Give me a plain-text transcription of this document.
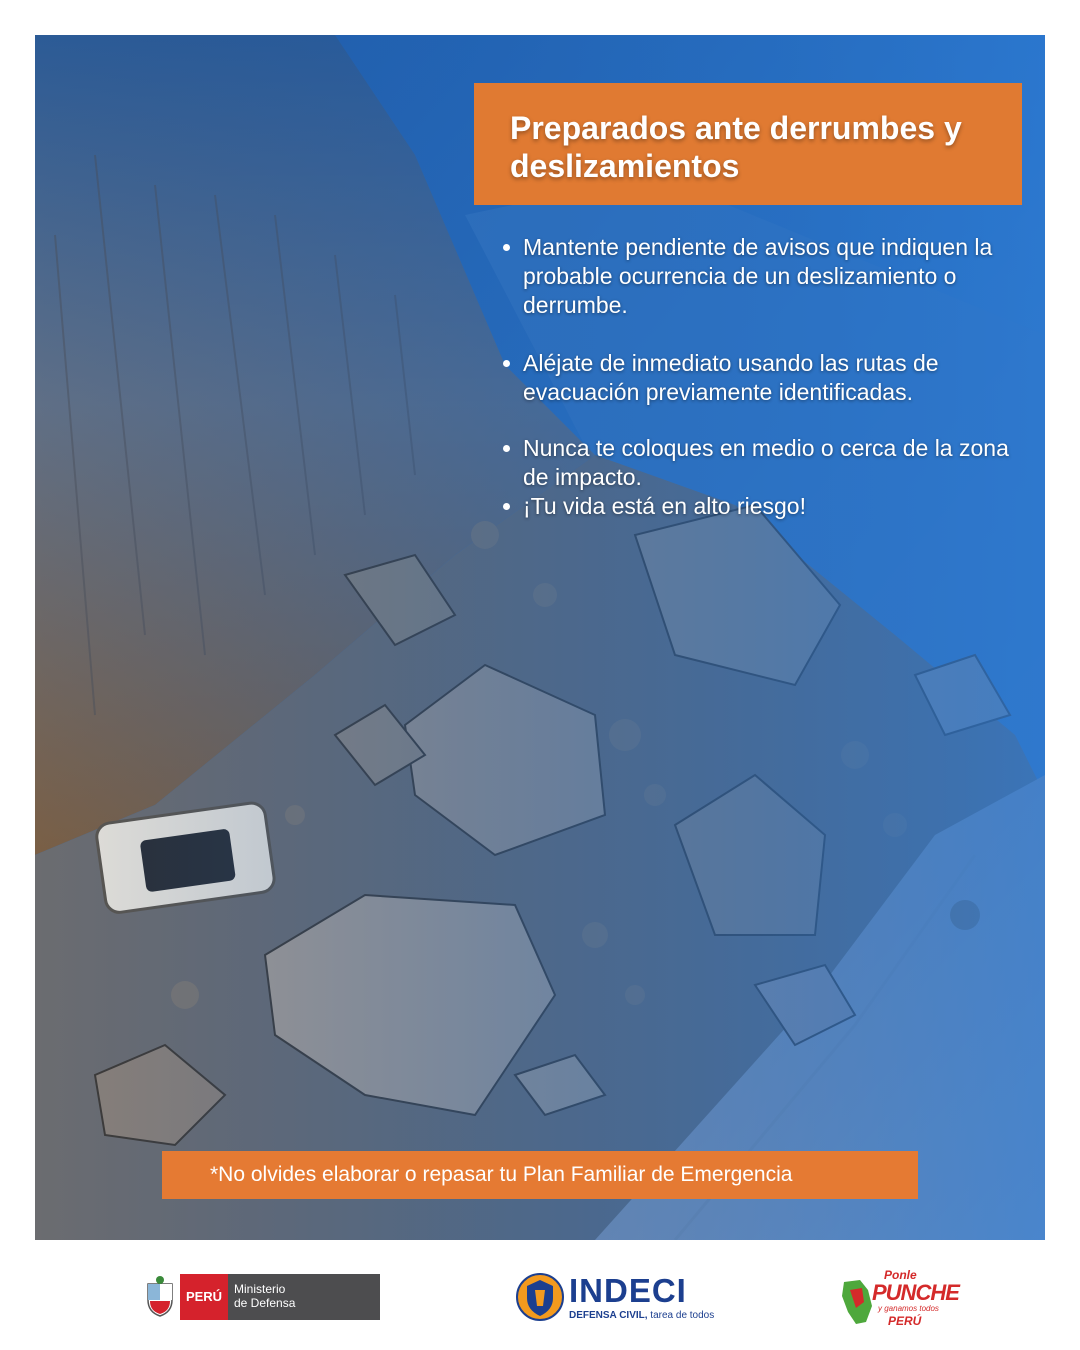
Preparados ante derrumbes y deslizamientos
Mantente pendiente de avisos que indiquen la probable ocurrencia de un deslizamiento o derrumbe.
Aléjate de inmediato usando las rutas de evacuación previamente identificadas.
Nunca te coloques en medio o cerca de la zona de impacto.
¡Tu vida está en alto riesgo!
*No olvides elaborar o repasar tu Plan Familiar de Emergencia
PERÚ Ministerio
de Defensa	INDECI
DEFENSA CIVIL, tarea de todos
Ponle
PUNCHE
y ganamos todos
PERÚ
